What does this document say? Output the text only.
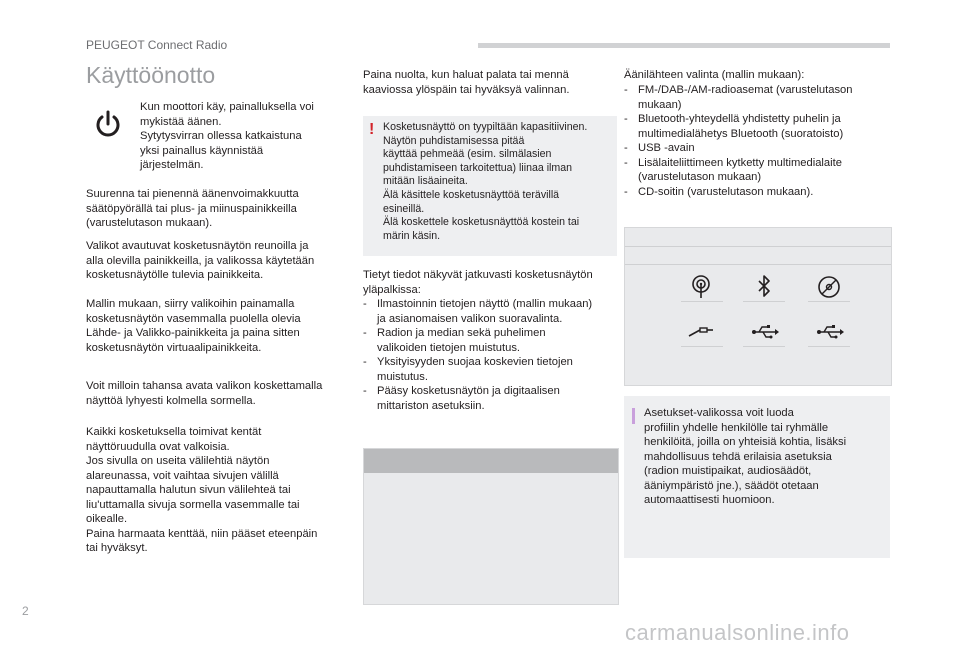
PEUGEOT Connect Radio
Käyttöönotto
Kun moottori käy, painalluksella voi
mykistää äänen.
Sytytysvirran ollessa katkaistuna
yksi painallus käynnistää
järjestelmän.
Suurenna tai pienennä äänenvoimakkuutta
säätöpyörällä tai plus- ja miinuspainikkeilla
(varustelutason mukaan).
Valikot avautuvat kosketusnäytön reunoilla ja
alla olevilla painikkeilla, ja valikossa käytetään
kosketusnäytölle tulevia painikkeita.
Mallin mukaan, siirry valikoihin painamalla
kosketusnäytön vasemmalla puolella olevia
Lähde- ja Valikko-painikkeita ja paina sitten
kosketusnäytön virtuaalipainikkeita.
Voit milloin tahansa avata valikon koskettamalla
näyttöä lyhyesti kolmella sormella.
Kaikki kosketuksella toimivat kentät
näyttöruudulla ovat valkoisia.
Jos sivulla on useita välilehtiä näytön
alareunassa, voit vaihtaa sivujen välillä
napauttamalla halutun sivun välilehteä tai
liu'uttamalla sivuja sormella vasemmalle tai
oikealle.
Paina harmaata kenttää, niin pääset eteenpäin
tai hyväksyt.
Paina nuolta, kun haluat palata tai mennä
kaaviossa ylöspäin tai hyväksyä valinnan.
! Kosketusnäyttö on tyypiltään kapasitiivinen.
Näytön puhdistamisessa pitää
käyttää pehmeää (esim. silmälasien
puhdistamiseen tarkoitettua) liinaa ilman
mitään lisäaineita.
Älä käsittele kosketusnäyttöä terävillä
esineillä.
Älä koskettele kosketusnäyttöä kostein tai
märin käsin.
Tietyt tiedot näkyvät jatkuvasti kosketusnäytön
yläpalkissa:
- Ilmastoinnin tietojen näyttö (mallin mukaan)
ja asianomaisen valikon suoravalinta.
- Radion ja median sekä puhelimen
valikoiden tietojen muistutus.
- Yksityisyyden suojaa koskevien tietojen
muistutus.
- Pääsy kosketusnäytön ja digitaalisen
mittariston asetuksiin.
Äänilähteen valinta (mallin mukaan):
- FM-/DAB-/AM-radioasemat (varustelutason
mukaan)
- Bluetooth-yhteydellä yhdistetty puhelin ja
multimedialähetys Bluetooth (suoratoisto)
- USB -avain
- Lisälaiteliittimeen kytketty multimedialaite
(varustelutason mukaan)
- CD-soitin (varustelutason mukaan).
Asetukset-valikossa voit luoda
profiilin yhdelle henkilölle tai ryhmälle
henkilöitä, joilla on yhteisiä kohtia, lisäksi
mahdollisuus tehdä erilaisia asetuksia
(radion muistipaikat, audiosäädöt,
ääniympäristö jne.), säädöt otetaan
automaattisesti huomioon.
2
carmanualsonline.info
